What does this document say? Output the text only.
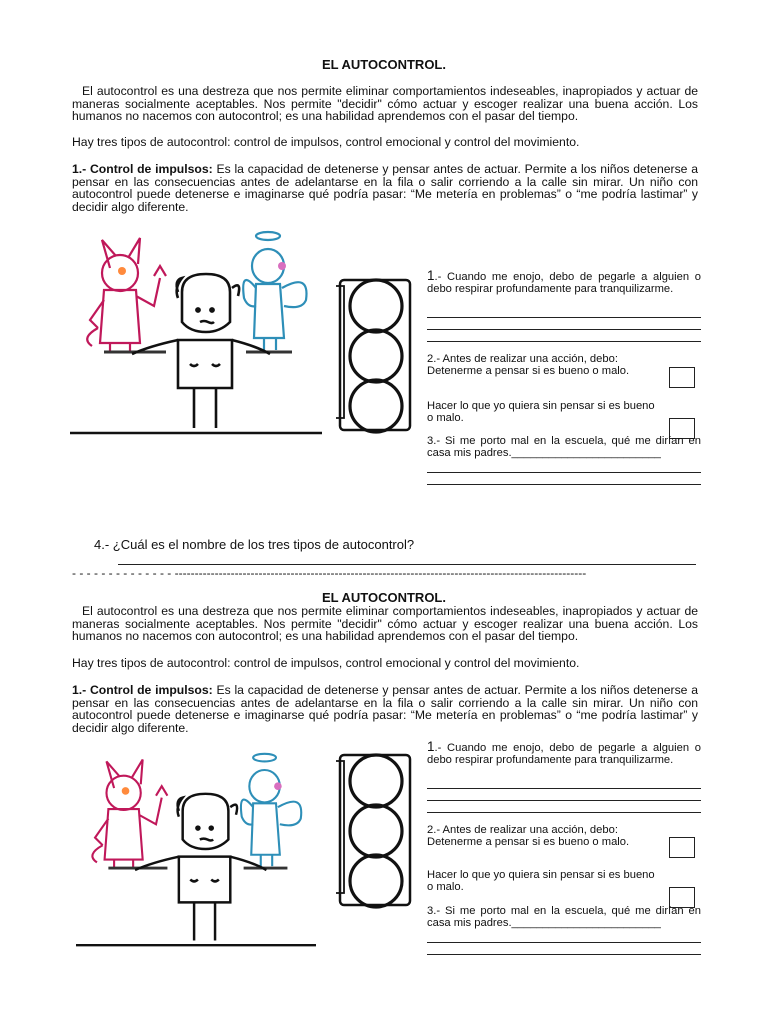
EL AUTOCONTROL.
El autocontrol es una destreza que nos permite eliminar comportamientos indeseables, inapropiados y actuar de maneras socialmente aceptables. Nos permite "decidir" cómo actuar y escoger realizar una buena acción. Los humanos no nacemos con autocontrol; es una habilidad aprendemos con el pasar del tiempo.
Hay tres tipos de autocontrol: control de impulsos, control emocional y control del movimiento.
1.- Control de impulsos: Es la capacidad de detenerse y pensar antes de actuar. Permite a los niños detenerse a pensar en las consecuencias antes de adelantarse en la fila o salir corriendo a la calle sin mirar. Un niño con autocontrol puede detenerse e imaginarse qué podría pasar: “Me metería en problemas” o “me podría lastimar” y decidir algo diferente.
1.- Cuando me enojo, debo de pegarle a alguien o debo respirar profundamente para tranquilizarme.
2.- Antes de realizar una acción, debo: Detenerme a pensar si es bueno o malo.
Hacer lo que yo quiera sin pensar si es bueno o malo.
3.- Si me porto mal en la escuela, qué me dirían en casa mis padres.________________________
4.- ¿Cuál es el nombre de los tres tipos de autocontrol?
- - - - - - - - - - - - - - -------------------------------------------------------------------------------------------------------
EL AUTOCONTROL.
El autocontrol es una destreza que nos permite eliminar comportamientos indeseables, inapropiados y actuar de maneras socialmente aceptables. Nos permite "decidir" cómo actuar y escoger realizar una buena acción. Los humanos no nacemos con autocontrol; es una habilidad aprendemos con el pasar del tiempo.
Hay tres tipos de autocontrol: control de impulsos, control emocional y control del movimiento.
1.- Control de impulsos: Es la capacidad de detenerse y pensar antes de actuar. Permite a los niños detenerse a pensar en las consecuencias antes de adelantarse en la fila o salir corriendo a la calle sin mirar. Un niño con autocontrol puede detenerse e imaginarse qué podría pasar: “Me metería en problemas” o “me podría lastimar” y decidir algo diferente.
1.- Cuando me enojo, debo de pegarle a alguien o debo respirar profundamente para tranquilizarme.
2.- Antes de realizar una acción, debo: Detenerme a pensar si es bueno o malo.
Hacer lo que yo quiera sin pensar si es bueno o malo.
3.- Si me porto mal en la escuela, qué me dirían en casa mis padres.________________________
